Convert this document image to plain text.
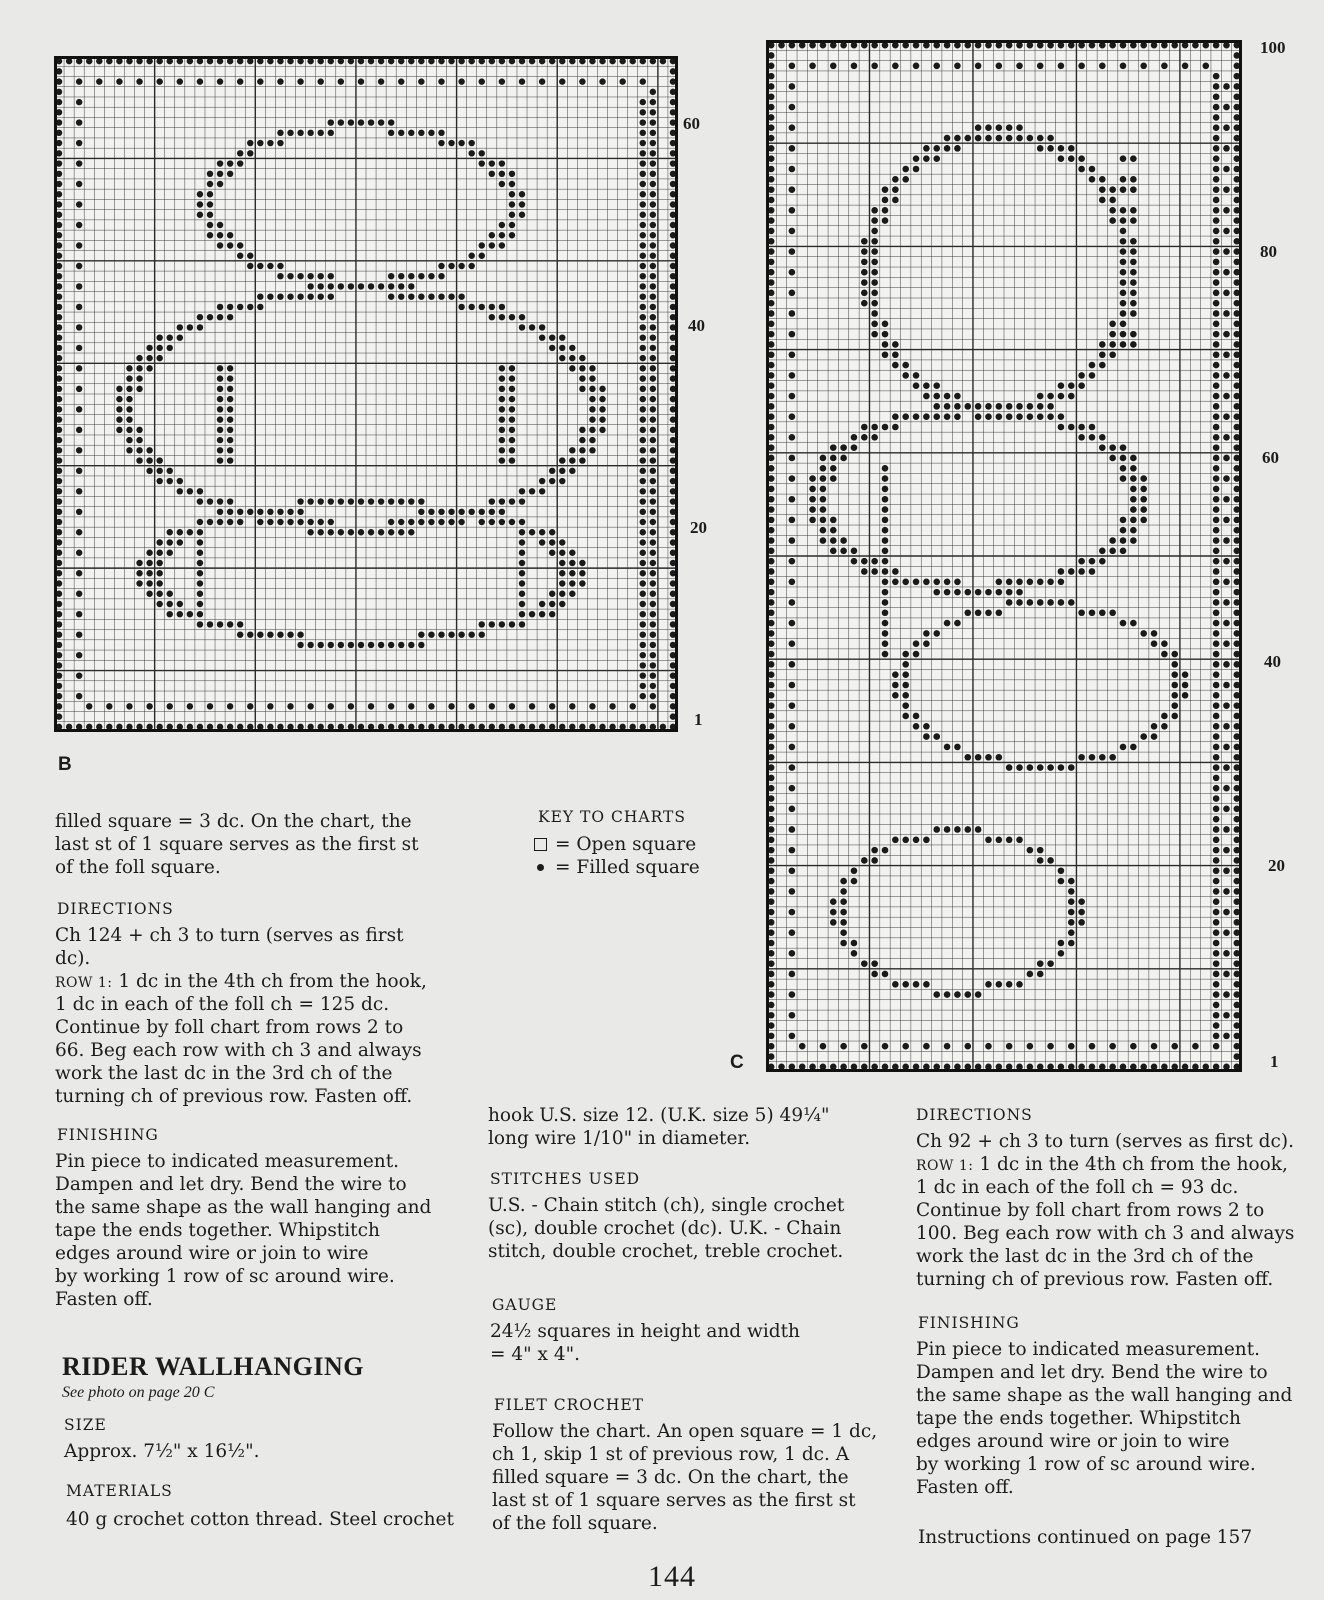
60
40
20
1
B
100
80
60
40
20
1
C
filled square = 3 dc. On the chart, the
last st of 1 square serves as the first st
of the foll square.
DIRECTIONS
Ch 124 + ch 3 to turn (serves as first
dc).
ROW 1: 1 dc in the 4th ch from the hook,
1 dc in each of the foll ch = 125 dc.
Continue by foll chart from rows 2 to
66. Beg each row with ch 3 and always
work the last dc in the 3rd ch of the
turning ch of previous row. Fasten off.
FINISHING
Pin piece to indicated measurement.
Dampen and let dry. Bend the wire to
the same shape as the wall hanging and
tape the ends together. Whipstitch
edges around wire or join to wire
by working 1 row of sc around wire.
Fasten off.
RIDER WALLHANGING
See photo on page 20 C
SIZE
Approx. 7½" x 16½".
MATERIALS
40 g crochet cotton thread. Steel crochet
KEY TO CHARTS
= Open square
= Filled square
hook U.S. size 12. (U.K. size 5) 49¼"
long wire 1/10" in diameter.
STITCHES USED
U.S. - Chain stitch (ch), single crochet
(sc), double crochet (dc). U.K. - Chain
stitch, double crochet, treble crochet.
GAUGE
24½ squares in height and width
= 4" x 4".
FILET CROCHET
Follow the chart. An open square = 1 dc,
ch 1, skip 1 st of previous row, 1 dc. A
filled square = 3 dc. On the chart, the
last st of 1 square serves as the first st
of the foll square.
DIRECTIONS
Ch 92 + ch 3 to turn (serves as first dc).
ROW 1: 1 dc in the 4th ch from the hook,
1 dc in each of the foll ch = 93 dc.
Continue by foll chart from rows 2 to
100. Beg each row with ch 3 and always
work the last dc in the 3rd ch of the
turning ch of previous row. Fasten off.
FINISHING
Pin piece to indicated measurement.
Dampen and let dry. Bend the wire to
the same shape as the wall hanging and
tape the ends together. Whipstitch
edges around wire or join to wire
by working 1 row of sc around wire.
Fasten off.
Instructions continued on page 157
144
